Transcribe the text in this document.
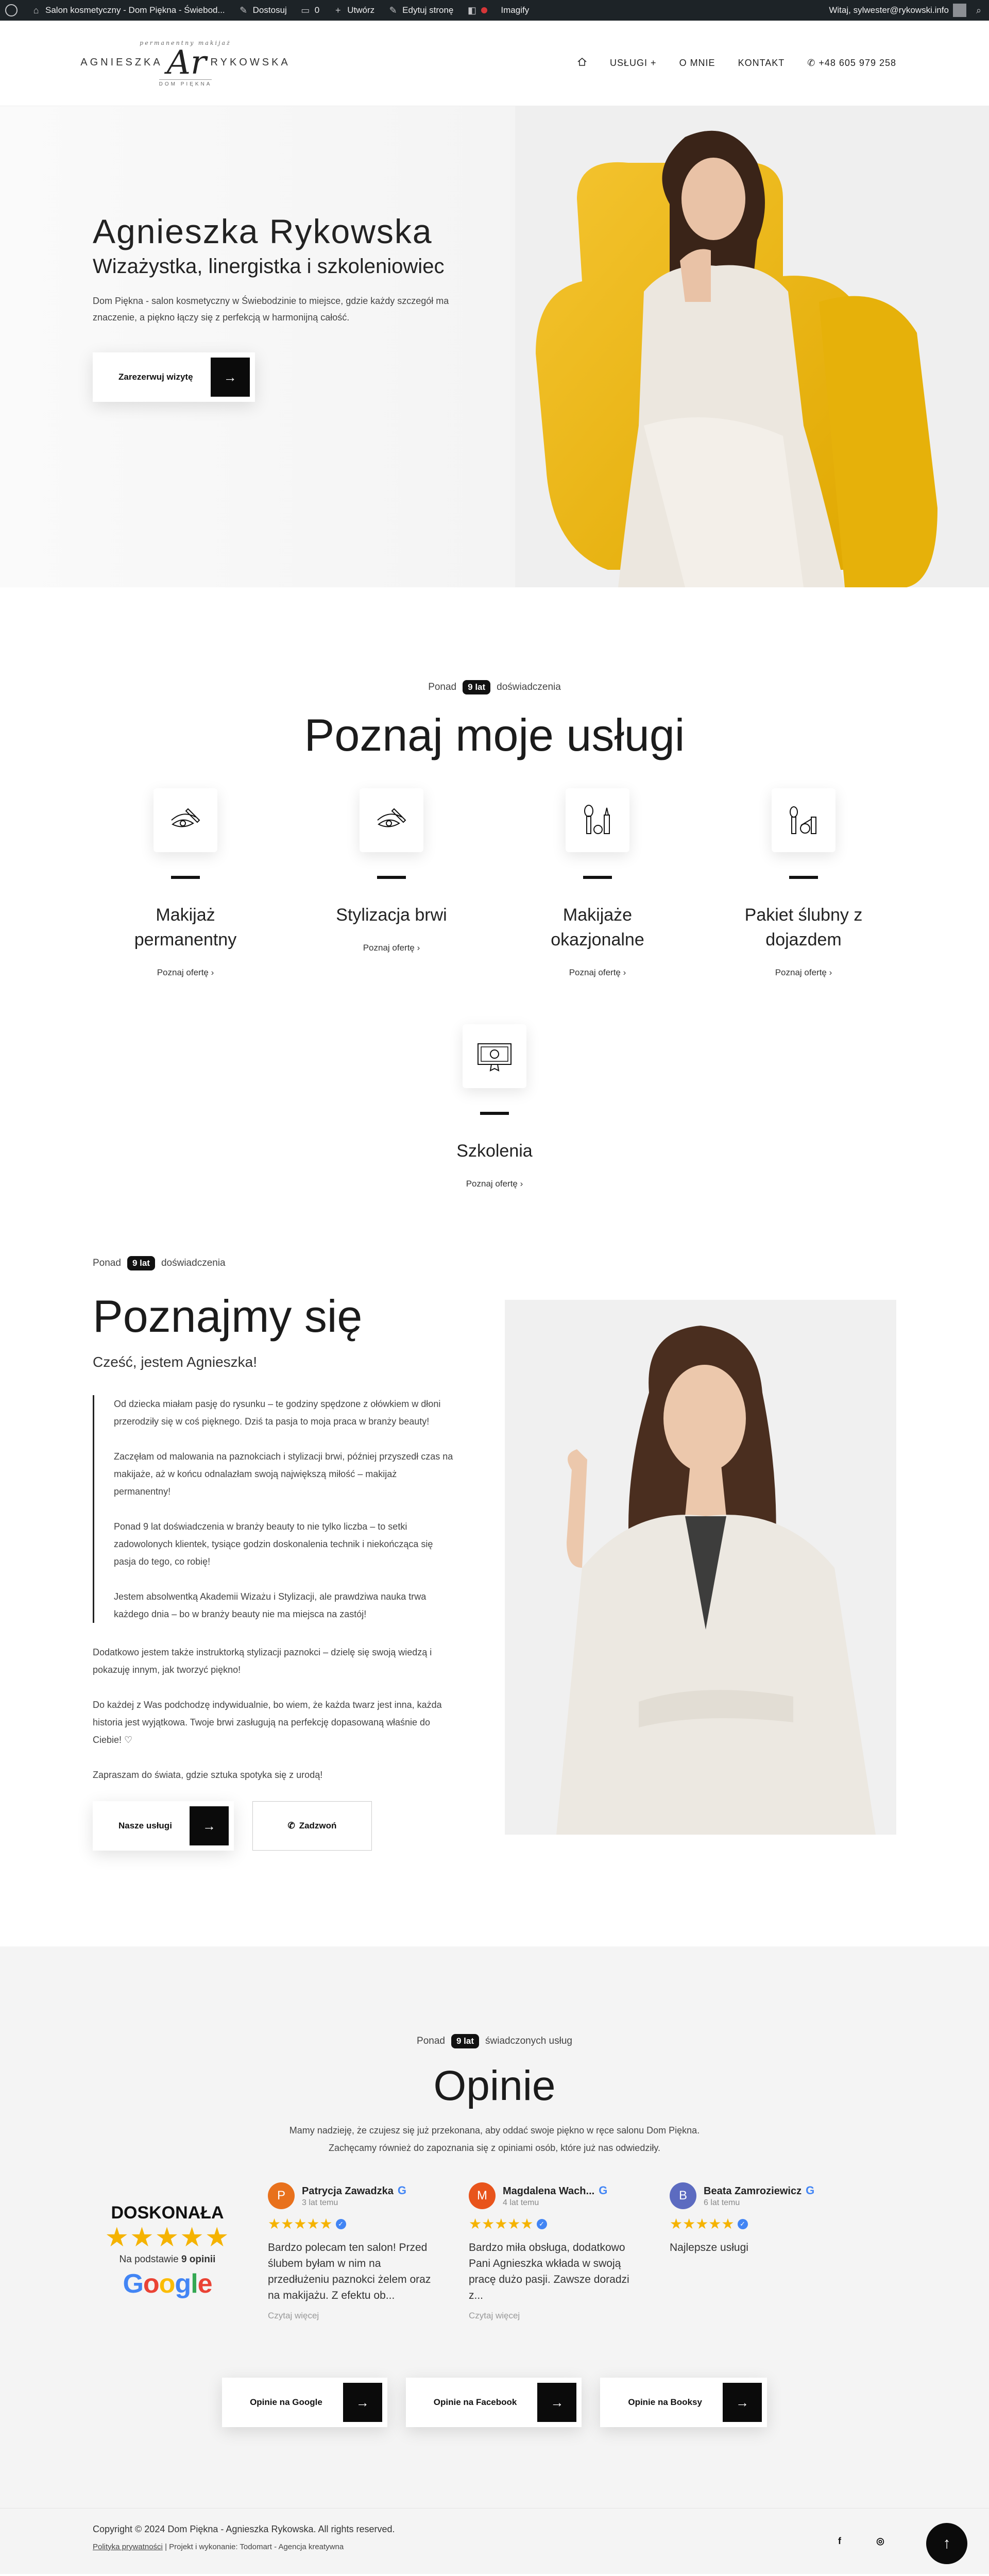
⌂ Salon kosmetyczny - Dom Piękna - Świebod... ✎ Dostosuj ▭ 0 + Utwórz ✎ Edytuj stronę ◧	Imagify	Witaj, sylwester@rykowski.info	⌕
permanentny makijaż
AGNIESZKA Ar RYKOWSKA
DOM PIĘKNA
USŁUGI + O MNIE KONTAKT ✆ +48 605 979 258
Agnieszka Rykowska
Wizażystka, linergistka i szkoleniowiec

Dom Piękna - salon kosmetyczny w Świebodzinie to miejsce, gdzie każdy szczegół ma znaczenie, a piękno łączy się z perfekcją w harmonijną całość.

Zarezerwuj wizytę	→
Ponad	9 lat	doświadczenia
Poznaj moje usługi
Makijaż permanentny
Poznaj ofertę ›
Stylizacja brwi
Poznaj ofertę ›
Makijaże okazjonalne
Poznaj ofertę ›
Pakiet ślubny z dojazdem
Poznaj ofertę ›
Szkolenia
Poznaj ofertę ›
Ponad	9 lat	doświadczenia
Poznajmy się
Cześć, jestem Agnieszka!

Od dziecka miałam pasję do rysunku – te godziny spędzone z ołówkiem w dłoni przerodziły się w coś pięknego. Dziś ta pasja to moja praca w branży beauty!

Zaczęłam od malowania na paznokciach i stylizacji brwi, później przyszedł czas na makijaże, aż w końcu odnalazłam swoją największą miłość – makijaż permanentny!

Ponad 9 lat doświadczenia w branży beauty to nie tylko liczba – to setki zadowolonych klientek, tysiące godzin doskonalenia technik i niekończąca się pasja do tego, co robię!

Jestem absolwentką Akademii Wizażu i Stylizacji, ale prawdziwa nauka trwa każdego dnia – bo w branży beauty nie ma miejsca na zastój!

Dodatkowo jestem także instruktorką stylizacji paznokci – dzielę się swoją wiedzą i pokazuję innym, jak tworzyć piękno!

Do każdej z Was podchodzę indywidualnie, bo wiem, że każda twarz jest inna, każda historia jest wyjątkowa. Twoje brwi zasługują na perfekcję dopasowaną właśnie do Ciebie! ♡

Zapraszam do świata, gdzie sztuka spotyka się z urodą!

Nasze usługi	→	✆ Zadzwoń
Ponad	9 lat	świadczonych usług
Opinie
Mamy nadzieję, że czujesz się już przekonana, aby oddać swoje piękno w ręce salonu Dom Piękna.
Zachęcamy również do zapoznania się z opiniami osób, które już nas odwiedziły.
DOSKONAŁA
★★★★★
Na podstawie 9 opinii
Google
P	Patrycja Zawadzka G
3 lat temu
★★★★★ ✓
Bardzo polecam ten salon! Przed ślubem byłam w nim na przedłużeniu paznokci żelem oraz na makijażu. Z efektu ob...
Czytaj więcej
M	Magdalena Wach... G
4 lat temu
★★★★★ ✓
Bardzo miła obsługa, dodatkowo Pani Agnieszka wkłada w swoją pracę dużo pasji. Zawsze doradzi z...
Czytaj więcej
B	Beata Zamroziewicz G
6 lat temu
★★★★★ ✓
Najlepsze usługi
Opinie na Google	→	Opinie na Facebook	→	Opinie na Booksy	→
Copyright © 2024 Dom Piękna - Agnieszka Rykowska. All rights reserved.
Polityka prywatności | Projekt i wykonanie: Todomart - Agencja kreatywna
f	◎	↑
